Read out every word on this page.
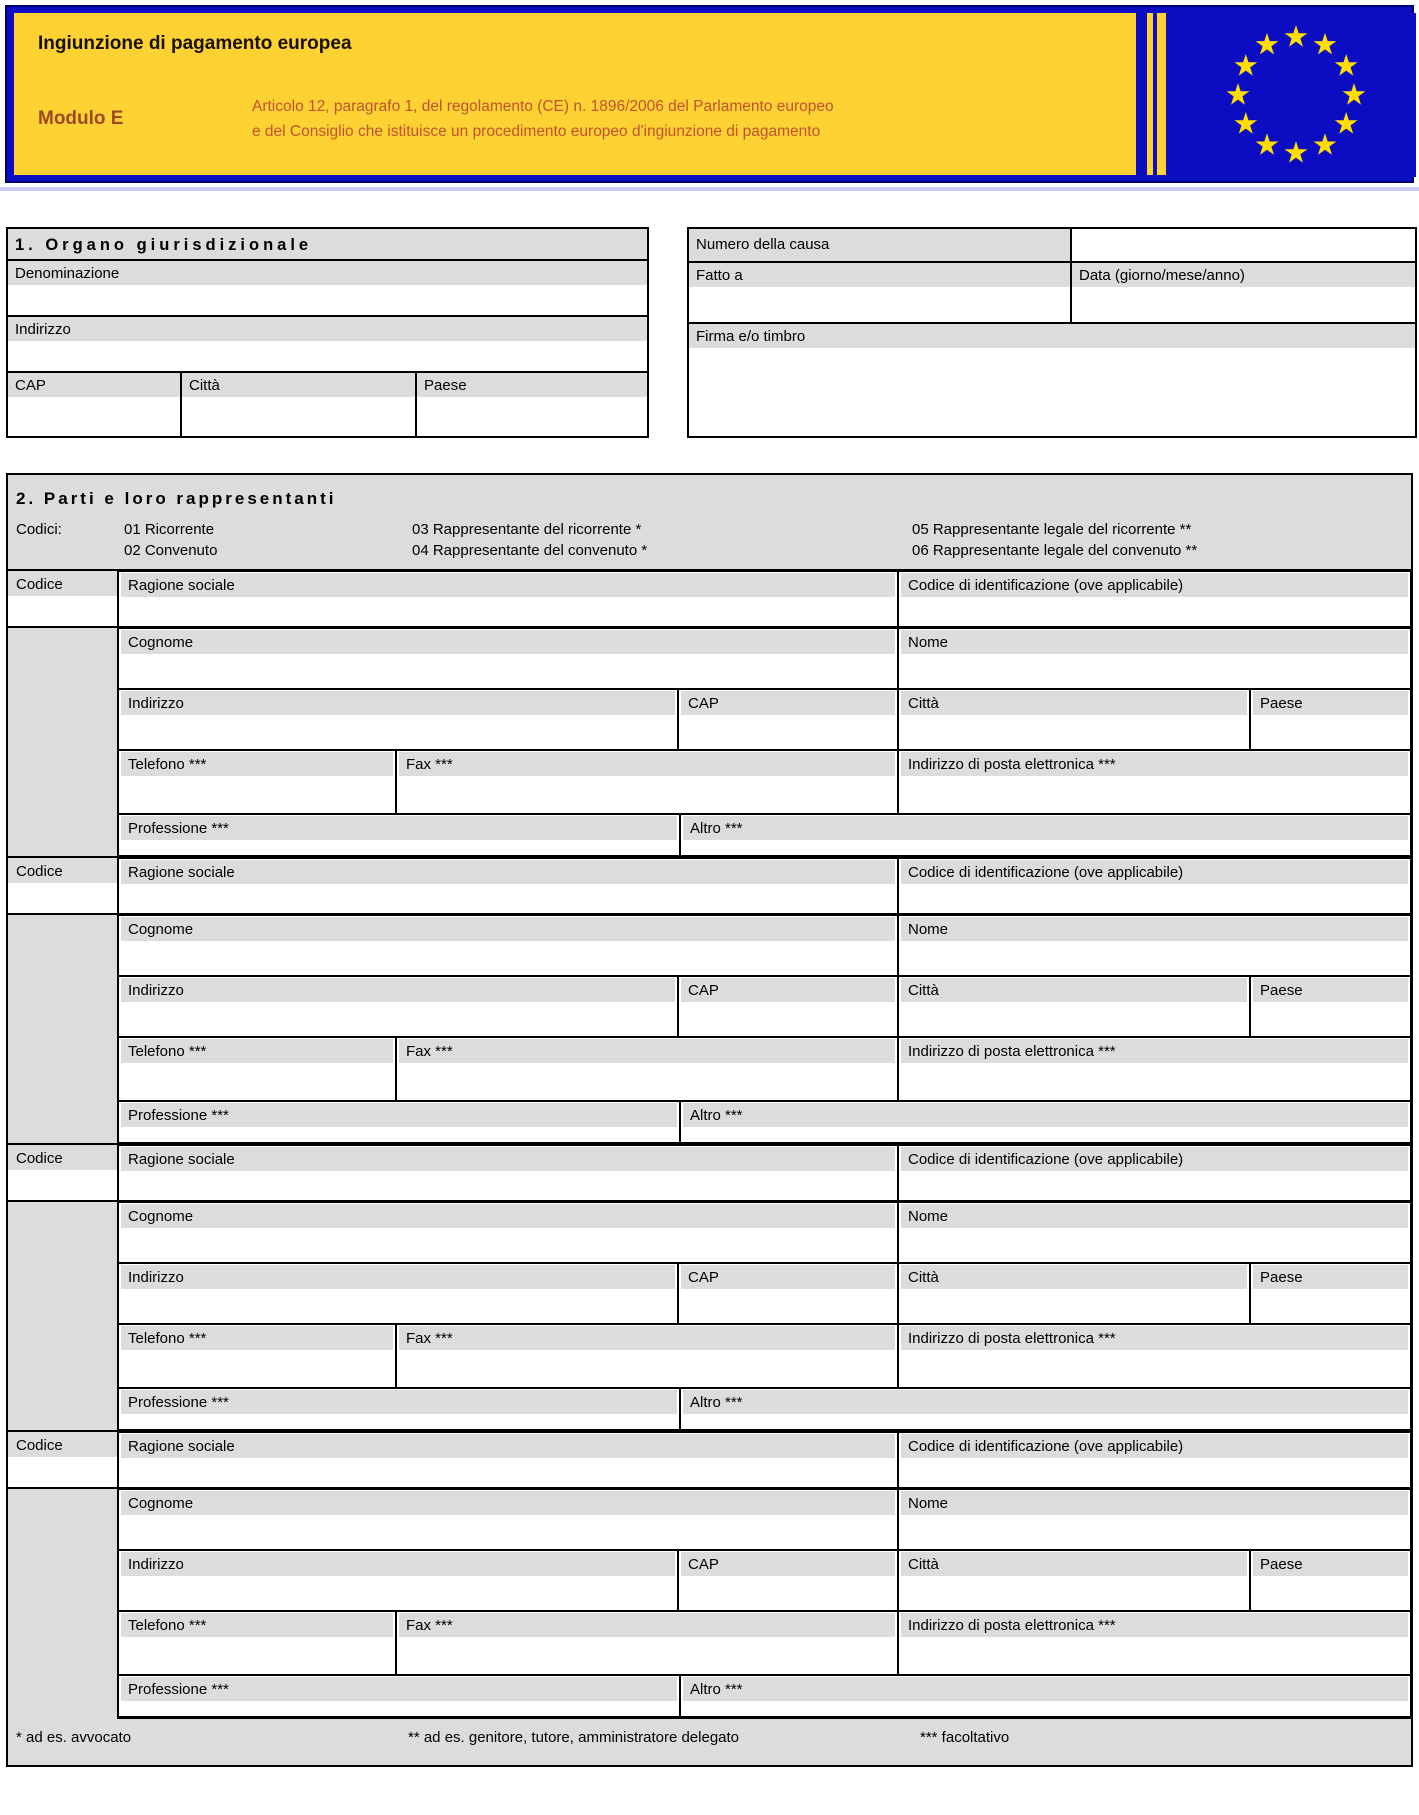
Ingiunzione di pagamento europea
Modulo E
Articolo 12, paragrafo 1, del regolamento (CE) n. 1896/2006 del Parlamento europeo
e del Consiglio che istituisce un procedimento europeo d'ingiunzione di pagamento
1. Organo giurisdizionale
Denominazione
Indirizzo
CAP	Città	Paese
Numero della causa
Fatto a	Data (giorno/mese/anno)
Firma e/o timbro
2. Parti e loro rappresentanti
Codici:	01 Ricorrente	03 Rappresentante del ricorrente *	05 Rappresentante legale del ricorrente **
02 Convenuto	04 Rappresentante del convenuto *	06 Rappresentante legale del convenuto **
Codice	Ragione sociale	Codice di identificazione (ove applicabile)
Cognome	Nome
Indirizzo	CAP	Città	Paese
Telefono ***	Fax ***	Indirizzo di posta elettronica ***
Professione ***	Altro ***
Codice	Ragione sociale	Codice di identificazione (ove applicabile)
Cognome	Nome
Indirizzo	CAP	Città	Paese
Telefono ***	Fax ***	Indirizzo di posta elettronica ***
Professione ***	Altro ***
Codice	Ragione sociale	Codice di identificazione (ove applicabile)
Cognome	Nome
Indirizzo	CAP	Città	Paese
Telefono ***	Fax ***	Indirizzo di posta elettronica ***
Professione ***	Altro ***
Codice	Ragione sociale	Codice di identificazione (ove applicabile)
Cognome	Nome
Indirizzo	CAP	Città	Paese
Telefono ***	Fax ***	Indirizzo di posta elettronica ***
Professione ***	Altro ***
* ad es. avvocato	** ad es. genitore, tutore, amministratore delegato	*** facoltativo
